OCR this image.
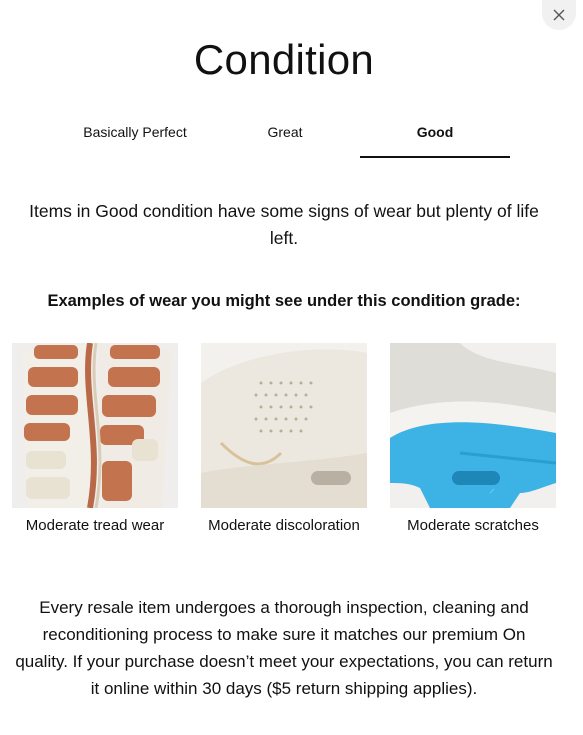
Condition
Basically Perfect	Great	Good

Items in Good condition have some signs of wear but plenty of life left.

Examples of wear you might see under this condition grade:
Moderate tread wear	Moderate discoloration	Moderate scratches

Every resale item undergoes a thorough inspection, cleaning and reconditioning process to make sure it matches our premium On quality. If your purchase doesn’t meet your expectations, you can return it online within 30 days ($5 return shipping applies).
